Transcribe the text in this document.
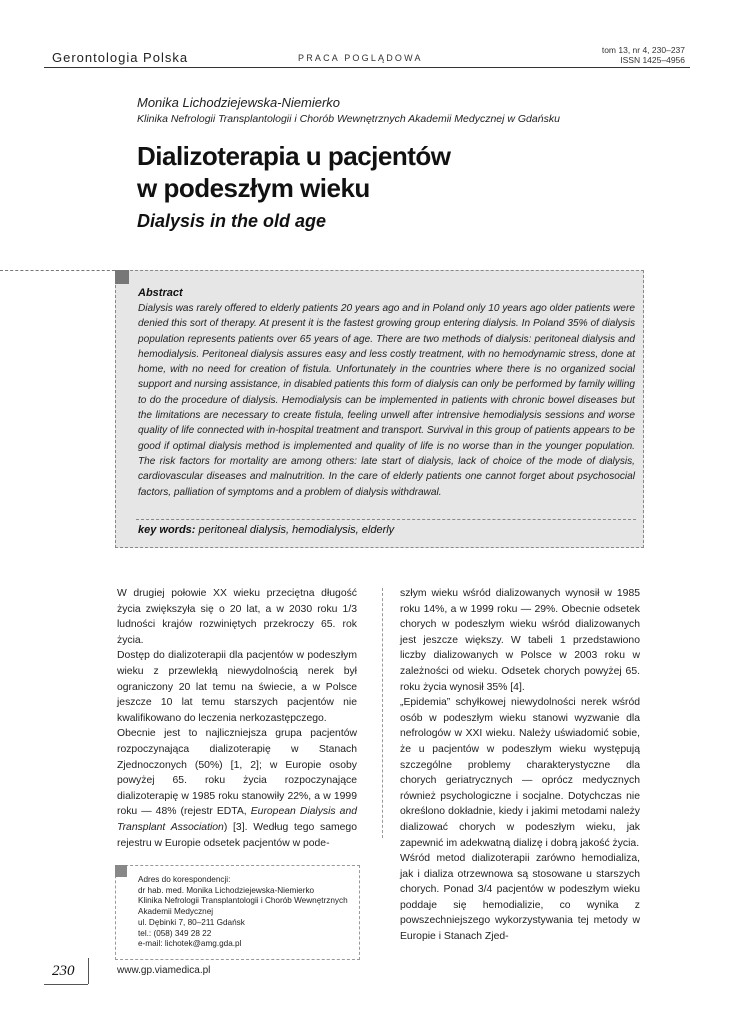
Gerontologia Polska	PRACA POGLĄDOWA
tom 13, nr 4, 230–237
ISSN 1425–4956
Monika Lichodziejewska-Niemierko
Klinika Nefrologii Transplantologii i Chorób Wewnętrznych Akademii Medycznej w Gdańsku
Dializoterapia u pacjentów
w podeszłym wieku
Dialysis in the old age
Abstract

Dialysis was rarely offered to elderly patients 20 years ago and in Poland only 10 years ago older patients were denied this sort of therapy. At present it is the fastest growing group entering dialysis. In Poland 35% of dialysis population represents patients over 65 years of age. There are two methods of dialysis: peritoneal dialysis and hemodialysis. Peritoneal dialysis assures easy and less costly treatment, with no hemodynamic stress, done at home, with no need for creation of fistula. Unfortunately in the countries where there is no organized social support and nursing assistance, in disabled patients this form of dialysis can only be performed by family willing to do the procedure of dialysis. Hemodialysis can be implemented in patients with chronic bowel diseases but the limitations are necessary to create fistula, feeling unwell after intrensive hemodialysis sessions and worse quality of life connected with in-hospital treatment and transport. Survival in this group of patients appears to be good if optimal dialysis method is implemented and quality of life is no worse than in the younger population. The risk factors for mortality are among others: late start of dialysis, lack of choice of the mode of dialysis, cardiovascular diseases and malnutrition. In the care of elderly patients one cannot forget about psychosocial factors, palliation of symptoms and a problem of dialysis withdrawal.

key words: peritoneal dialysis, hemodialysis, elderly

W drugiej połowie XX wieku przeciętna długość życia zwiększyła się o 20 lat, a w 2030 roku 1/3 ludności krajów rozwiniętych przekroczy 65. rok życia.

Dostęp do dializoterapii dla pacjentów w podeszłym wieku z przewlekłą niewydolnością nerek był ograniczony 20 lat temu na świecie, a w Polsce jeszcze 10 lat temu starszych pacjentów nie kwalifikowano do leczenia nerkozastępczego.

Obecnie jest to najliczniejsza grupa pacjentów rozpoczynająca dializoterapię w Stanach Zjednoczonych (50%) [1, 2]; w Europie osoby powyżej 65. roku życia rozpoczynające dializoterapię w 1985 roku stanowiły 22%, a w 1999 roku — 48% (rejestr EDTA, European Dialysis and Transplant Association) [3]. Według tego samego rejestru w Europie odsetek pacjentów w pode-

szłym wieku wśród dializowanych wynosił w 1985 roku 14%, a w 1999 roku — 29%. Obecnie odsetek chorych w podeszłym wieku wśród dializowanych jest jeszcze większy. W tabeli 1 przedstawiono liczby dializowanych w Polsce w 2003 roku w zależności od wieku. Odsetek chorych powyżej 65. roku życia wynosił 35% [4].

„Epidemia” schyłkowej niewydolności nerek wśród osób w podeszłym wieku stanowi wyzwanie dla nefrologów w XXI wieku. Należy uświadomić sobie, że u pacjentów w podeszłym wieku występują szczególne problemy charakterystyczne dla chorych geriatrycznych — oprócz medycznych również psychologiczne i socjalne. Dotychczas nie określono dokładnie, kiedy i jakimi metodami należy dializować chorych w podeszłym wieku, jak zapewnić im adekwatną dializę i dobrą jakość życia.

Wśród metod dializoterapii zarówno hemodializa, jak i dializa otrzewnowa są stosowane u starszych chorych. Ponad 3/4 pacjentów w podeszłym wieku poddaje się hemodializie, co wynika z powszechniejszego wykorzystywania tej metody w Europie i Stanach Zjed-

Adres do korespondencji:
dr hab. med. Monika Lichodziejewska-Niemierko
Klinika Nefrologii Transplantologii i Chorób Wewnętrznych
Akademii Medycznej
ul. Dębinki 7, 80–211 Gdańsk
tel.: (058) 349 28 22
e-mail: lichotek@amg.gda.pl
230	www.gp.viamedica.pl
